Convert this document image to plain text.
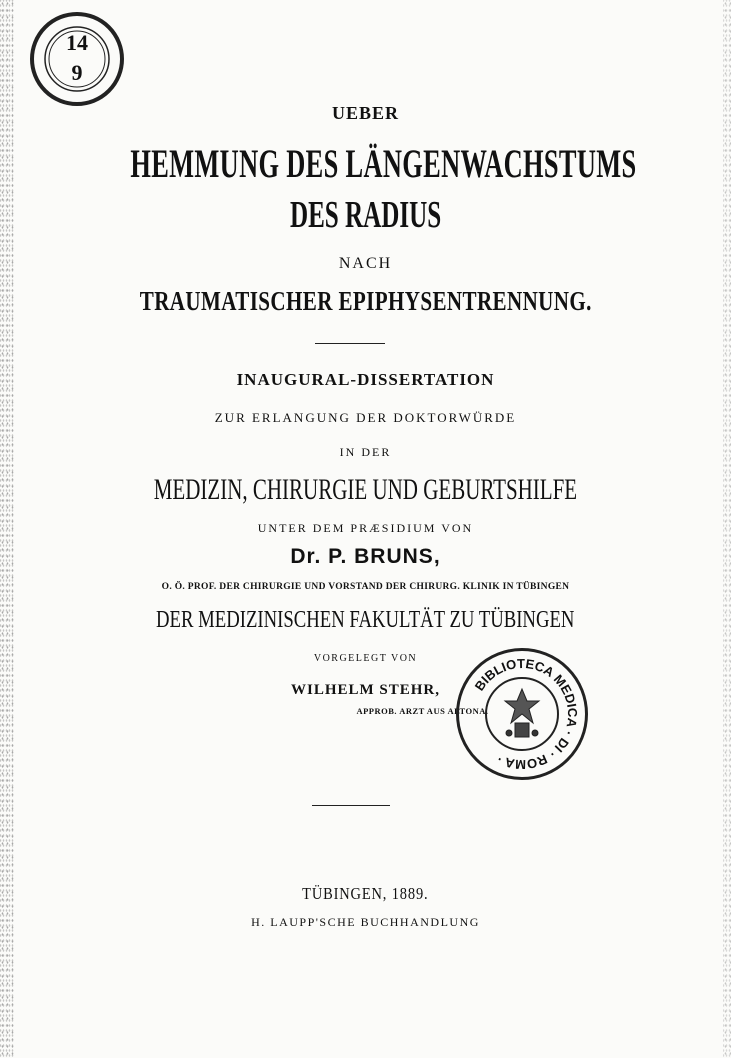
14
9
UEBER
HEMMUNG DES LÄNGENWACHSTUMS
DES RADIUS
NACH
TRAUMATISCHER EPIPHYSENTRENNUNG.
INAUGURAL-DISSERTATION
ZUR ERLANGUNG DER DOKTORWÜRDE
IN DER
MEDIZIN, CHIRURGIE UND GEBURTSHILFE
UNTER DEM PRÆSIDIUM VON
Dr. P. BRUNS,
O. Ö. PROF. DER CHIRURGIE UND VORSTAND DER CHIRURG. KLINIK IN TÜBINGEN
DER MEDIZINISCHEN FAKULTÄT ZU TÜBINGEN
VORGELEGT VON
WILHELM STEHR,
APPROB. ARZT AUS ALTONA.
BIBLIOTECA MEDICA · DI · ROMA ·
TÜBINGEN, 1889.
H. LAUPP'SCHE BUCHHANDLUNG
